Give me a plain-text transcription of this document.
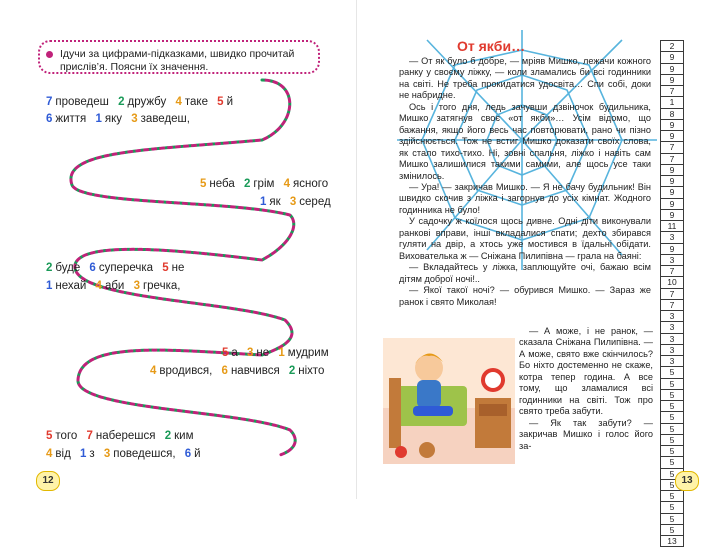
Ідучи за цифрами-підказками, швидко прочитай прислів’я. Поясни їх значення.
7 проведеш 2 дружбу 4 таке 5 й
6 життя 1 яку 3 заведеш,
5 неба 2 грім 4 ясного
1 як 3 серед
2 буде 6 суперечка 5 не
1 нехай 4 аби 3 гречка,
5 а 3 не 1 мудрим
4 вродився, 6 навчився 2 ніхто
5 того 7 наберешся 2 ким
4 від 1 з 3 поведешся, 6 й
12
От якби…

— От як було б добре, — мріяв Мишко, лежачи кожного ранку у своєму ліжку, — коли зламались би всі годинники на світі. Не треба прокидатися удосвіта… Спи собі, доки не набридне.

Ось і того дня, ледь зачувши дзвіночок будильника, Мишко затягнув своє «от якби»… Усім відомо, що бажання, якщо його весь час повторювати, рано чи пізно здійснюється. Тож не встиг Мишко доказати своїх слова, як стало тихо-тихо. Ні, зовні спальня, ліжко і навіть сам Мишко залишилися такими самими, але щось усе таки змінилось.

— Ура! — закричав Мишко. — Я не бачу будильник! Він швидко скочив з ліжка і загорнув до усіх кімнат. Жодного годинника не було!

У садочку ж коїлося щось дивне. Одні діти виконували ранкові вправи, інші вкладалися спати; дехто збирався гуляти на двір, а хтось уже мостився в їдальні обідати. Вихователька ж — Сніжана Пилипівна — грала на баяні:

— Вкладайтесь у ліжка, заплющуйте очі, бажаю всім дітям доброї ночі!..

— Якої такої ночі? — обурився Мишко. — Зараз же ранок і свято Миколая!

— А може, і не ранок, — сказала Сніжана Пилипівна. — А може, свято вже скінчилось? Бо ніхто достеменно не скаже, котра тепер година. А все тому, що зламалися всі годинники на світі. Тож про свято треба забути.

— Як так забути? — закричав Мишко і голос його за-

2
9
9
9
7
1
8
9
9
7
7
9
9
9
9
9
11
3
9
3
7
10
7
7
3
3
3
3
3
5
5
5
5
5
5
5
5
5
5
5
5
5
5
5
13
13
